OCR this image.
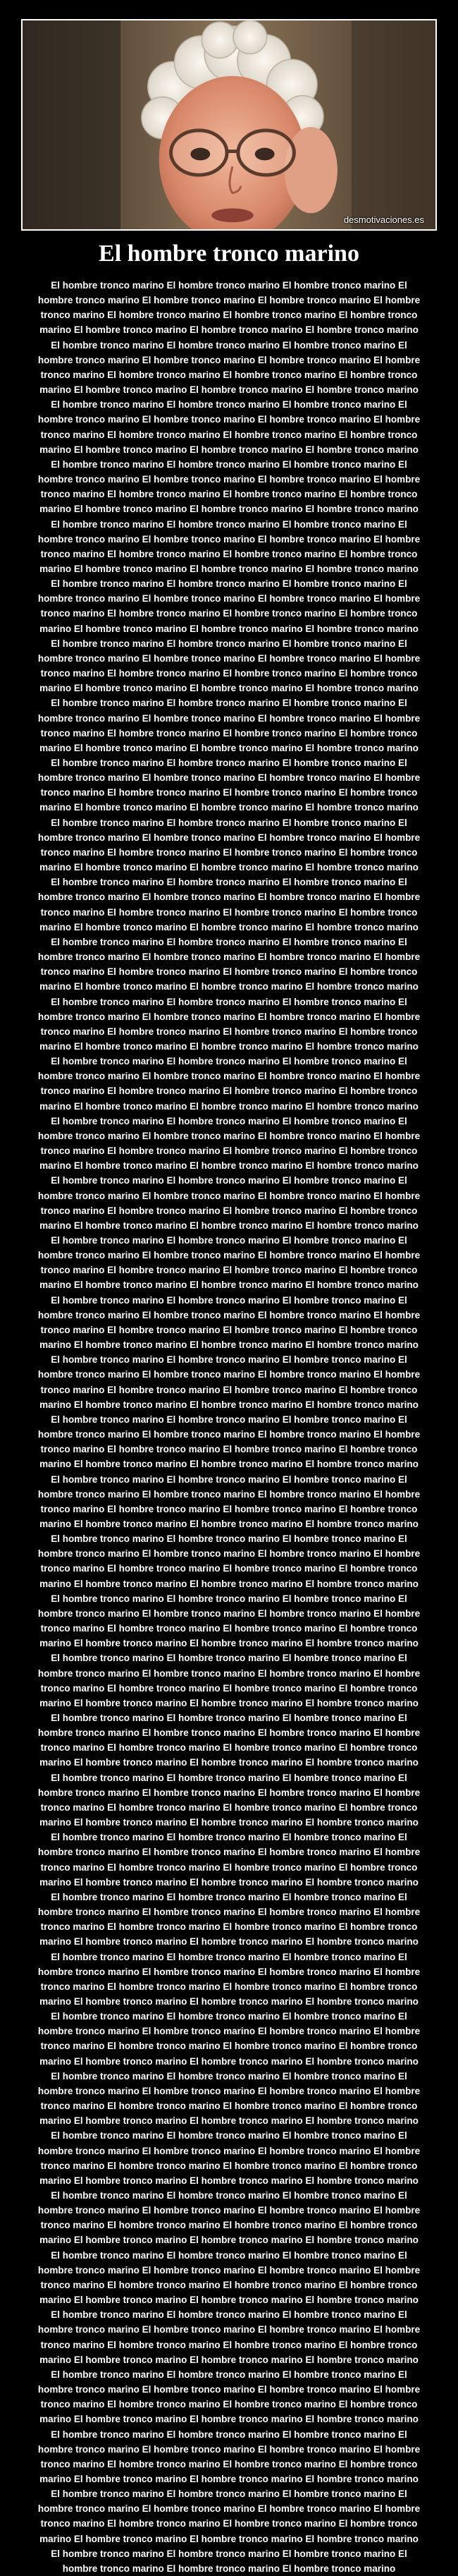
desmotivaciones.es
El hombre tronco marino

El hombre tronco marino El hombre tronco marino El hombre tronco marino El hombre tronco marino El hombre tronco marino El hombre tronco marino El hombre tronco marino El hombre tronco marino El hombre tronco marino El hombre tronco marino El hombre tronco marino El hombre tronco marino El hombre tronco marino El hombre tronco marino El hombre tronco marino El hombre tronco marino El hombre tronco marino El hombre tronco marino El hombre tronco marino El hombre tronco marino El hombre tronco marino El hombre tronco marino El hombre tronco marino El hombre tronco marino El hombre tronco marino El hombre tronco marino El hombre tronco marino El hombre tronco marino El hombre tronco marino El hombre tronco marino El hombre tronco marino El hombre tronco marino El hombre tronco marino El hombre tronco marino El hombre tronco marino El hombre tronco marino El hombre tronco marino El hombre tronco marino El hombre tronco marino El hombre tronco marino El hombre tronco marino El hombre tronco marino El hombre tronco marino El hombre tronco marino El hombre tronco marino El hombre tronco marino El hombre tronco marino El hombre tronco marino El hombre tronco marino El hombre tronco marino El hombre tronco marino El hombre tronco marino El hombre tronco marino El hombre tronco marino El hombre tronco marino El hombre tronco marino El hombre tronco marino El hombre tronco marino El hombre tronco marino El hombre tronco marino El hombre tronco marino El hombre tronco marino El hombre tronco marino El hombre tronco marino El hombre tronco marino El hombre tronco marino El hombre tronco marino El hombre tronco marino El hombre tronco marino El hombre tronco marino El hombre tronco marino El hombre tronco marino El hombre tronco marino El hombre tronco marino El hombre tronco marino El hombre tronco marino El hombre tronco marino El hombre tronco marino El hombre tronco marino El hombre tronco marino El hombre tronco marino El hombre tronco marino El hombre tronco marino El hombre tronco marino El hombre tronco marino El hombre tronco marino El hombre tronco marino El hombre tronco marino El hombre tronco marino El hombre tronco marino El hombre tronco marino El hombre tronco marino El hombre tronco marino El hombre tronco marino El hombre tronco marino El hombre tronco marino El hombre tronco marino El hombre tronco marino El hombre tronco marino El hombre tronco marino El hombre tronco marino El hombre tronco marino El hombre tronco marino El hombre tronco marino El hombre tronco marino El hombre tronco marino El hombre tronco marino El hombre tronco marino El hombre tronco marino El hombre tronco marino El hombre tronco marino El hombre tronco marino El hombre tronco marino El hombre tronco marino El hombre tronco marino El hombre tronco marino El hombre tronco marino El hombre tronco marino El hombre tronco marino El hombre tronco marino El hombre tronco marino El hombre tronco marino El hombre tronco marino El hombre tronco marino El hombre tronco marino El hombre tronco marino El hombre tronco marino El hombre tronco marino El hombre tronco marino El hombre tronco marino El hombre tronco marino El hombre tronco marino El hombre tronco marino El hombre tronco marino El hombre tronco marino El hombre tronco marino El hombre tronco marino El hombre tronco marino El hombre tronco marino El hombre tronco marino El hombre tronco marino El hombre tronco marino El hombre tronco marino El hombre tronco marino El hombre tronco marino El hombre tronco marino El hombre tronco marino El hombre tronco marino El hombre tronco marino El hombre tronco marino El hombre tronco marino El hombre tronco marino El hombre tronco marino El hombre tronco marino El hombre tronco marino El hombre tronco marino El hombre tronco marino El hombre tronco marino El hombre tronco marino El hombre tronco marino El hombre tronco marino El hombre tronco marino El hombre tronco marino El hombre tronco marino El hombre tronco marino El hombre tronco marino El hombre tronco marino El hombre tronco marino El hombre tronco marino El hombre tronco marino El hombre tronco marino El hombre tronco marino El hombre tronco marino El hombre tronco marino El hombre tronco marino El hombre tronco marino El hombre tronco marino El hombre tronco marino El hombre tronco marino El hombre tronco marino El hombre tronco marino El hombre tronco marino El hombre tronco marino El hombre tronco marino El hombre tronco marino El hombre tronco marino El hombre tronco marino El hombre tronco marino El hombre tronco marino El hombre tronco marino El hombre tronco marino El hombre tronco marino El hombre tronco marino El hombre tronco marino El hombre tronco marino El hombre tronco marino El hombre tronco marino El hombre tronco marino El hombre tronco marino El hombre tronco marino El hombre tronco marino El hombre tronco marino El hombre tronco marino El hombre tronco marino El hombre tronco marino El hombre tronco marino El hombre tronco marino El hombre tronco marino El hombre tronco marino El hombre tronco marino El hombre tronco marino El hombre tronco marino El hombre tronco marino El hombre tronco marino El hombre tronco marino El hombre tronco marino El hombre tronco marino El hombre tronco marino El hombre tronco marino El hombre tronco marino El hombre tronco marino El hombre tronco marino El hombre tronco marino El hombre tronco marino El hombre tronco marino El hombre tronco marino El hombre tronco marino El hombre tronco marino El hombre tronco marino El hombre tronco marino El hombre tronco marino El hombre tronco marino El hombre tronco marino El hombre tronco marino El hombre tronco marino El hombre tronco marino El hombre tronco marino El hombre tronco marino El hombre tronco marino El hombre tronco marino El hombre tronco marino El hombre tronco marino El hombre tronco marino El hombre tronco marino El hombre tronco marino El hombre tronco marino El hombre tronco marino El hombre tronco marino El hombre tronco marino El hombre tronco marino El hombre tronco marino El hombre tronco marino El hombre tronco marino El hombre tronco marino El hombre tronco marino El hombre tronco marino El hombre tronco marino El hombre tronco marino El hombre tronco marino El hombre tronco marino El hombre tronco marino El hombre tronco marino El hombre tronco marino El hombre tronco marino El hombre tronco marino El hombre tronco marino El hombre tronco marino El hombre tronco marino El hombre tronco marino El hombre tronco marino El hombre tronco marino El hombre tronco marino El hombre tronco marino El hombre tronco marino El hombre tronco marino El hombre tronco marino El hombre tronco marino El hombre tronco marino El hombre tronco marino El hombre tronco marino El hombre tronco marino El hombre tronco marino El hombre tronco marino El hombre tronco marino El hombre tronco marino El hombre tronco marino El hombre tronco marino El hombre tronco marino El hombre tronco marino El hombre tronco marino El hombre tronco marino El hombre tronco marino El hombre tronco marino El hombre tronco marino El hombre tronco marino El hombre tronco marino El hombre tronco marino El hombre tronco marino El hombre tronco marino El hombre tronco marino El hombre tronco marino El hombre tronco marino El hombre tronco marino El hombre tronco marino El hombre tronco marino El hombre tronco marino El hombre tronco marino El hombre tronco marino El hombre tronco marino El hombre tronco marino El hombre tronco marino El hombre tronco marino El hombre tronco marino El hombre tronco marino El hombre tronco marino El hombre tronco marino El hombre tronco marino El hombre tronco marino El hombre tronco marino El hombre tronco marino El hombre tronco marino El hombre tronco marino El hombre tronco marino El hombre tronco marino El hombre tronco marino El hombre tronco marino El hombre tronco marino El hombre tronco marino El hombre tronco marino El hombre tronco marino El hombre tronco marino El hombre tronco marino El hombre tronco marino El hombre tronco marino El hombre tronco marino El hombre tronco marino El hombre tronco marino El hombre tronco marino El hombre tronco marino El hombre tronco marino El hombre tronco marino El hombre tronco marino El hombre tronco marino El hombre tronco marino El hombre tronco marino El hombre tronco marino El hombre tronco marino El hombre tronco marino El hombre tronco marino El hombre tronco marino El hombre tronco marino El hombre tronco marino El hombre tronco marino El hombre tronco marino El hombre tronco marino El hombre tronco marino El hombre tronco marino El hombre tronco marino El hombre tronco marino El hombre tronco marino El hombre tronco marino El hombre tronco marino El hombre tronco marino El hombre tronco marino El hombre tronco marino El hombre tronco marino El hombre tronco marino El hombre tronco marino El hombre tronco marino El hombre tronco marino El hombre tronco marino El hombre tronco marino El hombre tronco marino El hombre tronco marino El hombre tronco marino El hombre tronco marino El hombre tronco marino El hombre tronco marino El hombre tronco marino El hombre tronco marino El hombre tronco marino El hombre tronco marino El hombre tronco marino El hombre tronco marino El hombre tronco marino El hombre tronco marino El hombre tronco marino El hombre tronco marino El hombre tronco marino El hombre tronco marino El hombre tronco marino El hombre tronco marino El hombre tronco marino El hombre tronco marino El hombre tronco marino El hombre tronco marino El hombre tronco marino El hombre tronco marino El hombre tronco marino El hombre tronco marino El hombre tronco marino El hombre tronco marino El hombre tronco marino El hombre tronco marino El hombre tronco marino El hombre tronco marino El hombre tronco marino El hombre tronco marino El hombre tronco marino El hombre tronco marino El hombre tronco marino El hombre tronco marino El hombre tronco marino El hombre tronco marino El hombre tronco marino El hombre tronco marino El hombre tronco marino El hombre tronco marino El hombre tronco marino El hombre tronco marino El hombre tronco marino El hombre tronco marino El hombre tronco marino El hombre tronco marino El hombre tronco marino El hombre tronco marino El hombre tronco marino El hombre tronco marino El hombre tronco marino El hombre tronco marino El hombre tronco marino El hombre tronco marino El hombre tronco marino El hombre tronco marino El hombre tronco marino El hombre tronco marino El hombre tronco marino El hombre tronco marino El hombre tronco marino El hombre tronco marino El hombre tronco marino El hombre tronco marino El hombre tronco marino El hombre tronco marino El hombre tronco marino El hombre tronco marino El hombre tronco marino El hombre tronco marino El hombre tronco marino El hombre tronco marino El hombre tronco marino El hombre tronco marino El hombre tronco marino El hombre tronco marino El hombre tronco marino El hombre tronco marino El hombre tronco marino El hombre tronco marino El hombre tronco marino El hombre tronco marino El hombre tronco marino El hombre tronco marino El hombre tronco marino El hombre tronco marino El hombre tronco marino El hombre tronco marino El hombre tronco marino El hombre tronco marino El hombre tronco marino El hombre tronco marino El hombre tronco marino El hombre tronco marino El hombre tronco marino El hombre tronco marino El hombre tronco marino El hombre tronco marino El hombre tronco marino El hombre tronco marino El hombre tronco marino El hombre tronco marino El hombre tronco marino El hombre tronco marino El hombre tronco marino El hombre tronco marino El hombre tronco marino El hombre tronco marino El hombre tronco marino El hombre tronco marino El hombre tronco marino El hombre tronco marino El hombre tronco marino El hombre tronco marino El hombre tronco marino El hombre tronco marino El hombre tronco marino El hombre tronco marino El hombre tronco marino El hombre tronco marino El hombre tronco marino El hombre tronco marino
